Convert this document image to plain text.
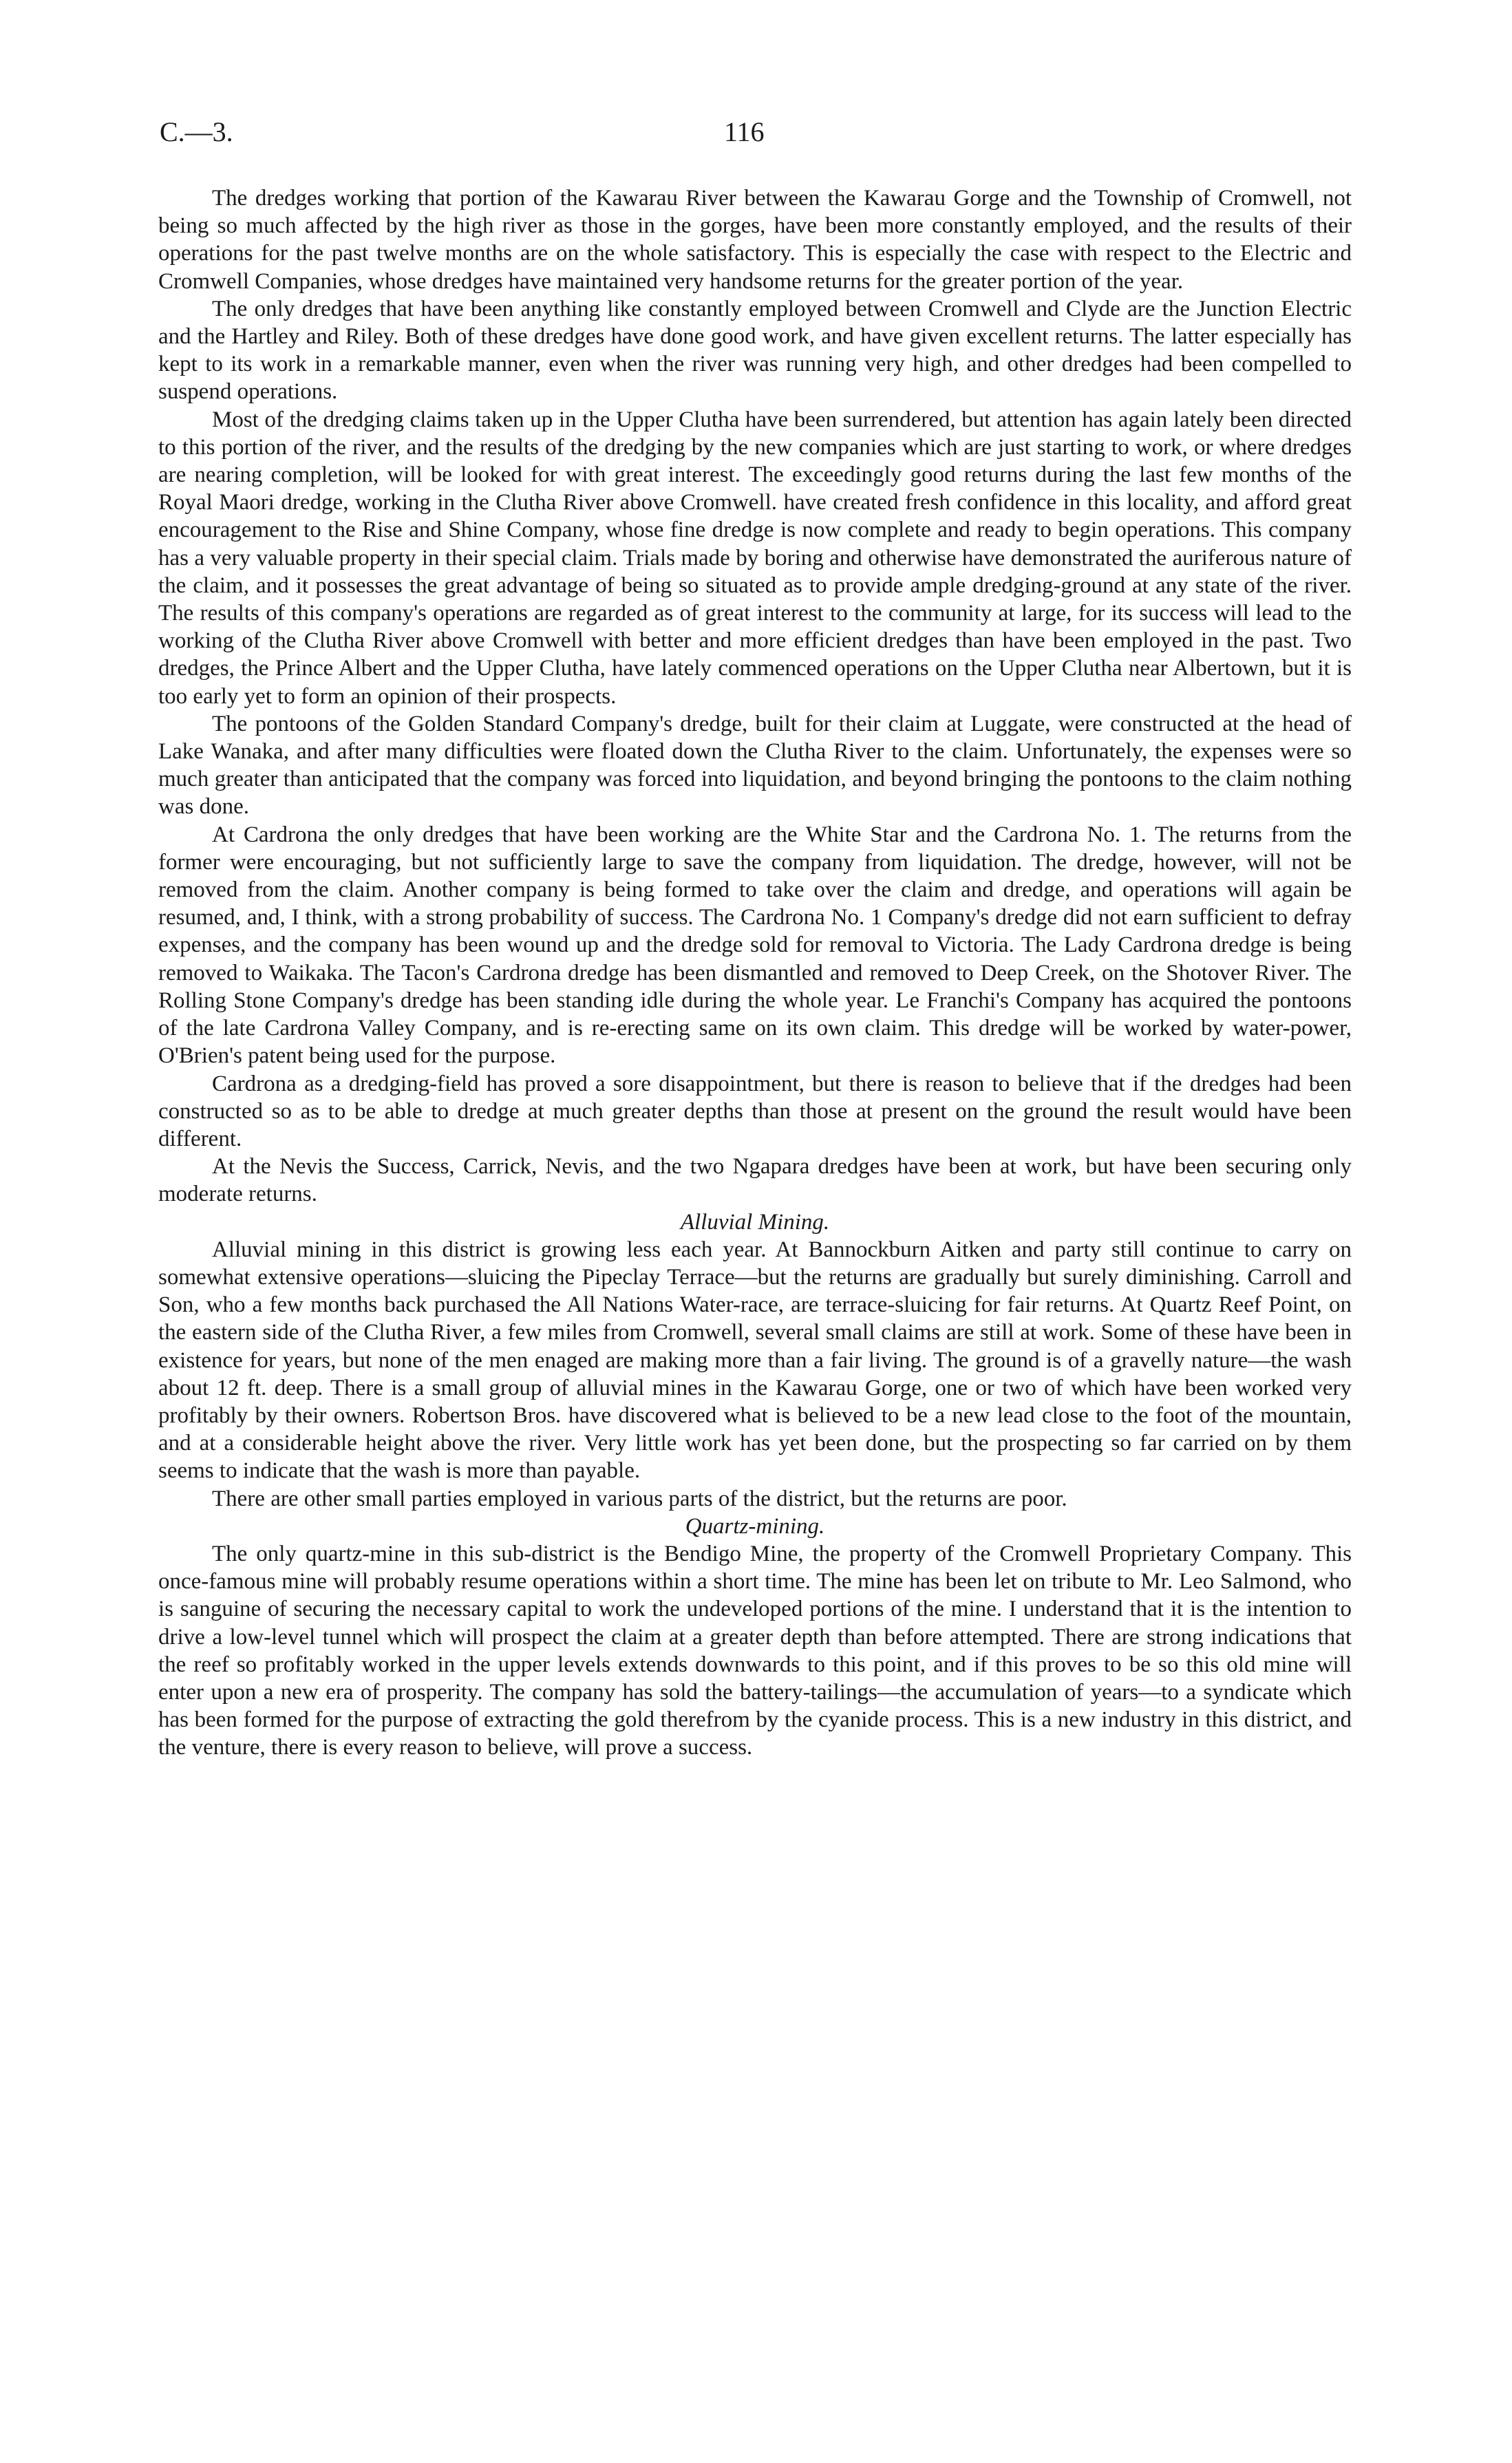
C.—3.	116

The dredges working that portion of the Kawarau River between the Kawarau Gorge and the Township of Cromwell, not being so much affected by the high river as those in the gorges, have been more constantly employed, and the results of their operations for the past twelve months are on the whole satisfactory. This is especially the case with respect to the Electric and Cromwell Companies, whose dredges have maintained very handsome returns for the greater portion of the year.

The only dredges that have been anything like constantly employed between Cromwell and Clyde are the Junction Electric and the Hartley and Riley. Both of these dredges have done good work, and have given excellent returns. The latter especially has kept to its work in a remarkable manner, even when the river was running very high, and other dredges had been compelled to suspend operations.

Most of the dredging claims taken up in the Upper Clutha have been surrendered, but attention has again lately been directed to this portion of the river, and the results of the dredging by the new companies which are just starting to work, or where dredges are nearing completion, will be looked for with great interest. The exceedingly good returns during the last few months of the Royal Maori dredge, working in the Clutha River above Cromwell. have created fresh confidence in this locality, and afford great encouragement to the Rise and Shine Company, whose fine dredge is now complete and ready to begin operations. This company has a very valuable property in their special claim. Trials made by boring and otherwise have demonstrated the auriferous nature of the claim, and it possesses the great advantage of being so situated as to provide ample dredging-ground at any state of the river. The results of this company's operations are regarded as of great interest to the community at large, for its success will lead to the working of the Clutha River above Cromwell with better and more efficient dredges than have been employed in the past. Two dredges, the Prince Albert and the Upper Clutha, have lately commenced operations on the Upper Clutha near Albertown, but it is too early yet to form an opinion of their prospects.

The pontoons of the Golden Standard Company's dredge, built for their claim at Luggate, were constructed at the head of Lake Wanaka, and after many difficulties were floated down the Clutha River to the claim. Unfortunately, the expenses were so much greater than anticipated that the company was forced into liquidation, and beyond bringing the pontoons to the claim nothing was done.

At Cardrona the only dredges that have been working are the White Star and the Cardrona No. 1. The returns from the former were encouraging, but not sufficiently large to save the company from liquidation. The dredge, however, will not be removed from the claim. Another company is being formed to take over the claim and dredge, and operations will again be resumed, and, I think, with a strong probability of success. The Cardrona No. 1 Company's dredge did not earn sufficient to defray expenses, and the company has been wound up and the dredge sold for removal to Victoria. The Lady Cardrona dredge is being removed to Waikaka. The Tacon's Cardrona dredge has been dismantled and removed to Deep Creek, on the Shotover River. The Rolling Stone Company's dredge has been standing idle during the whole year. Le Franchi's Company has acquired the pontoons of the late Cardrona Valley Company, and is re-erecting same on its own claim. This dredge will be worked by water-power, O'Brien's patent being used for the purpose.

Cardrona as a dredging-field has proved a sore disappointment, but there is reason to believe that if the dredges had been constructed so as to be able to dredge at much greater depths than those at present on the ground the result would have been different.

At the Nevis the Success, Carrick, Nevis, and the two Ngapara dredges have been at work, but have been securing only moderate returns.

Alluvial Mining.

Alluvial mining in this district is growing less each year. At Bannockburn Aitken and party still continue to carry on somewhat extensive operations—sluicing the Pipeclay Terrace—but the returns are gradually but surely diminishing. Carroll and Son, who a few months back purchased the All Nations Water-race, are terrace-sluicing for fair returns. At Quartz Reef Point, on the eastern side of the Clutha River, a few miles from Cromwell, several small claims are still at work. Some of these have been in existence for years, but none of the men enaged are making more than a fair living. The ground is of a gravelly nature—the wash about 12 ft. deep. There is a small group of alluvial mines in the Kawarau Gorge, one or two of which have been worked very profitably by their owners. Robertson Bros. have discovered what is believed to be a new lead close to the foot of the mountain, and at a considerable height above the river. Very little work has yet been done, but the prospecting so far carried on by them seems to indicate that the wash is more than payable.

There are other small parties employed in various parts of the district, but the returns are poor.

Quartz-mining.

The only quartz-mine in this sub-district is the Bendigo Mine, the property of the Cromwell Proprietary Company. This once-famous mine will probably resume operations within a short time. The mine has been let on tribute to Mr. Leo Salmond, who is sanguine of securing the necessary capital to work the undeveloped portions of the mine. I understand that it is the intention to drive a low-level tunnel which will prospect the claim at a greater depth than before attempted. There are strong indications that the reef so profitably worked in the upper levels extends downwards to this point, and if this proves to be so this old mine will enter upon a new era of prosperity. The company has sold the battery-tailings—the accumulation of years—to a syndicate which has been formed for the purpose of extracting the gold therefrom by the cyanide process. This is a new industry in this district, and the venture, there is every reason to believe, will prove a success.
